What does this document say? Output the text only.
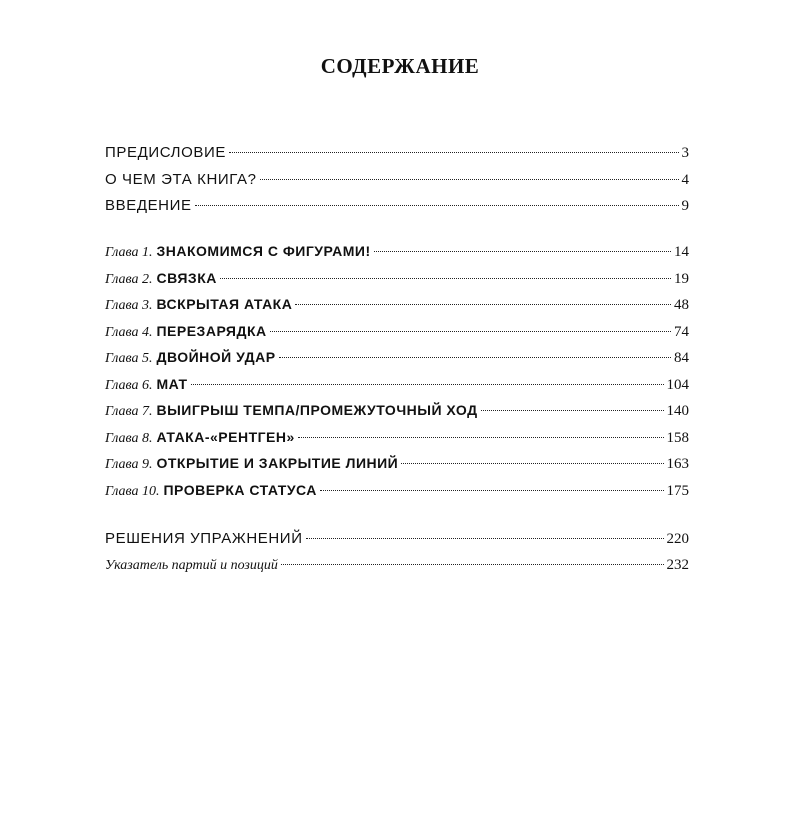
СОДЕРЖАНИЕ
ПРЕДИСЛОВИЕ	3
О ЧЕМ ЭТА КНИГА?	4
ВВЕДЕНИЕ	9
Глава 1. ЗНАКОМИМСЯ С ФИГУРАМИ!	14
Глава 2. СВЯЗКА	19
Глава 3. ВСКРЫТАЯ АТАКА	48
Глава 4. ПЕРЕЗАРЯДКА	74
Глава 5. ДВОЙНОЙ УДАР	84
Глава 6. МАТ	104
Глава 7. ВЫИГРЫШ ТЕМПА/ПРОМЕЖУТОЧНЫЙ ХОД	140
Глава 8. АТАКА-«РЕНТГЕН»	158
Глава 9. ОТКРЫТИЕ И ЗАКРЫТИЕ ЛИНИЙ	163
Глава 10. ПРОВЕРКА СТАТУСА	175
РЕШЕНИЯ УПРАЖНЕНИЙ	220
Указатель партий и позиций	232
